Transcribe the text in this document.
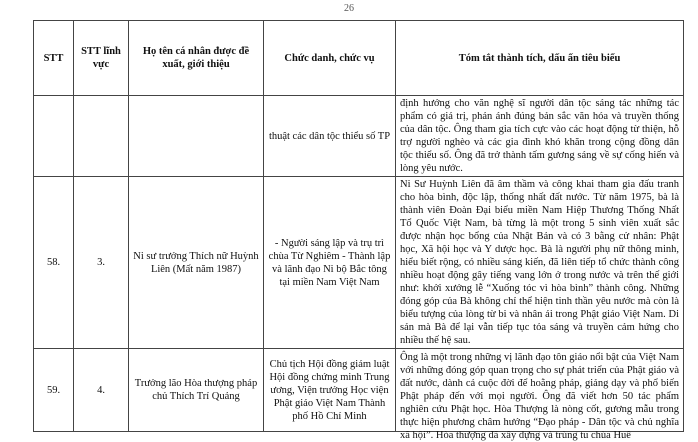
26
STT	STT lĩnh vực	Họ tên cá nhân được đề xuất, giới thiệu	Chức danh, chức vụ	Tóm tắt thành tích, dấu ấn tiêu biểu
			thuật các dân tộc thiểu số TP	định hướng cho văn nghệ sĩ người dân tộc sáng tác những tác phẩm có giá trị, phản ánh đúng bản sắc văn hóa và truyền thống của dân tộc. Ông tham gia tích cực vào các hoạt động từ thiện, hỗ trợ người nghèo và các gia đình khó khăn trong cộng đồng dân tộc thiểu số. Ông đã trở thành tấm gương sáng về sự cống hiến và lòng yêu nước.
58.	3.	Ni sư trưởng Thích nữ Huỳnh Liên (Mất năm 1987)	- Người sáng lập và trụ trì chùa Từ Nghiêm - Thành lập và lãnh đạo Ni bộ Bắc tông tại miền Nam Việt Nam	Ni Sư Huỳnh Liên đã âm thầm và công khai tham gia đấu tranh cho hòa bình, độc lập, thống nhất đất nước. Từ năm 1975, bà là thành viên Đoàn Đại biểu miền Nam Hiệp Thương Thống Nhất Tổ Quốc Việt Nam, bà từng là một trong 5 sinh viên xuất sắc được nhận học bổng của Nhật Bản và có 3 bằng cử nhân: Phật học, Xã hội học và Y dược học. Bà là người phụ nữ thông minh, hiểu biết rộng, có nhiều sáng kiến, đã liên tiếp tổ chức thành công nhiều hoạt động gây tiếng vang lớn ở trong nước và trên thế giới như: khởi xướng lễ “Xuống tóc vì hòa bình” thành công. Những đóng góp của Bà không chỉ thể hiện tinh thần yêu nước mà còn là biểu tượng của lòng từ bi và nhân ái trong Phật giáo Việt Nam. Di sản mà Bà để lại vẫn tiếp tục tỏa sáng và truyền cảm hứng cho nhiều thế hệ sau.
59.	4.	Trưởng lão Hòa thượng pháp chủ Thích Trí Quảng	Chủ tịch Hội đồng giám luật Hội đồng chứng minh Trung ương, Viện trưởng Học viện Phật giáo Việt Nam Thành phố Hồ Chí Minh	Ông là một trong những vị lãnh đạo tôn giáo nổi bật của Việt Nam với những đóng góp quan trọng cho sự phát triển của Phật giáo và đất nước, dành cả cuộc đời để hoằng pháp, giảng dạy và phổ biến Phật pháp đến với mọi người. Ông đã viết hơn 50 tác phẩm nghiên cứu Phật học. Hòa Thượng là nòng cốt, gương mẫu trong thực hiện phương châm hướng “Đạo pháp - Dân tộc và chủ nghĩa xã hội”. Hòa thượng đã xây dựng và trùng tu chùa Huê
